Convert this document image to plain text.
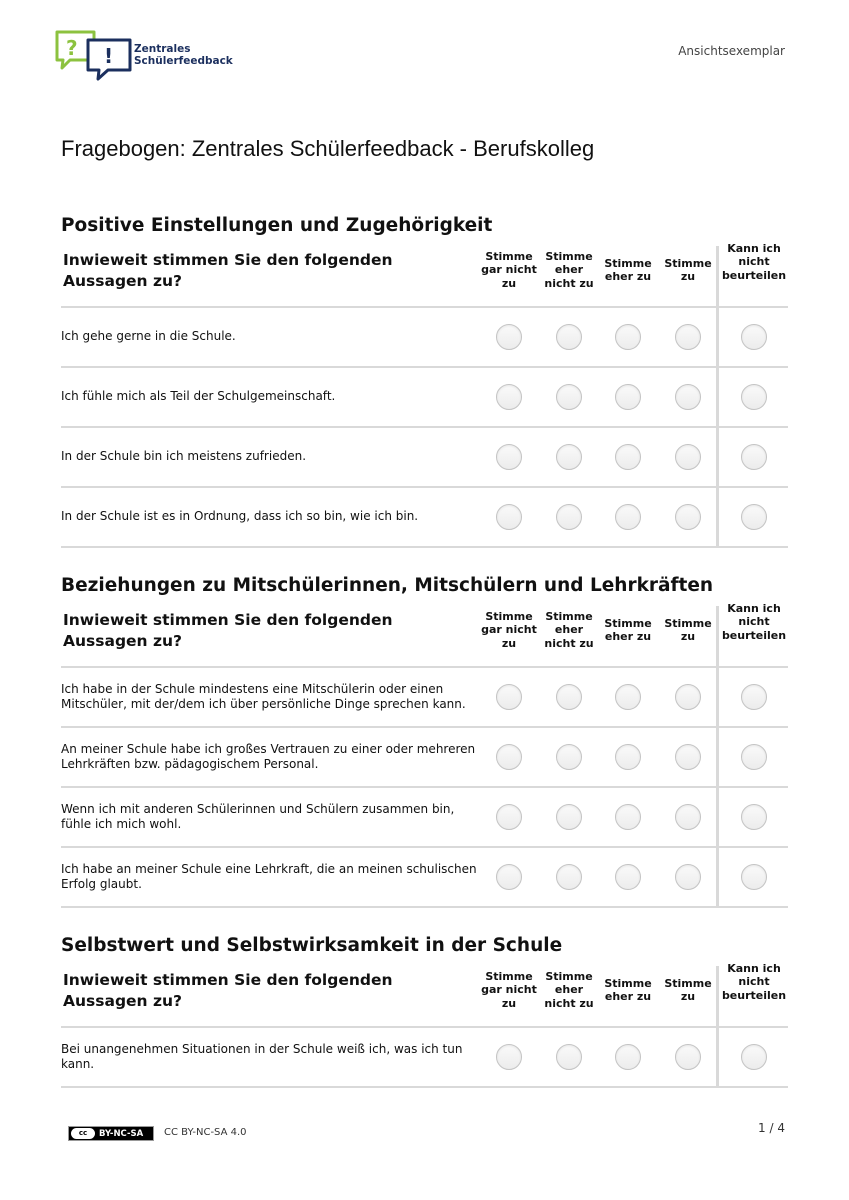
? ! Zentrales
Schülerfeedback
Ansichtsexemplar
Fragebogen: Zentrales Schülerfeedback - Berufskolleg
Positive Einstellungen und Zugehörigkeit
Inwieweit stimmen Sie den folgenden Aussagen zu?
Stimme gar nicht zu
Stimme eher nicht zu
Stimme eher zu
Stimme zu
Kann ich nicht beurteilen
Ich gehe gerne in die Schule.
Ich fühle mich als Teil der Schulgemeinschaft.
In der Schule bin ich meistens zufrieden.
In der Schule ist es in Ordnung, dass ich so bin, wie ich bin.
Beziehungen zu Mitschülerinnen, Mitschülern und Lehrkräften
Inwieweit stimmen Sie den folgenden Aussagen zu?
Stimme gar nicht zu
Stimme eher nicht zu
Stimme eher zu
Stimme zu
Kann ich nicht beurteilen
Ich habe in der Schule mindestens eine Mitschülerin oder einen Mitschüler, mit der/dem ich über persönliche Dinge sprechen kann.
An meiner Schule habe ich großes Vertrauen zu einer oder mehreren Lehrkräften bzw. pädagogischem Personal.
Wenn ich mit anderen Schülerinnen und Schülern zusammen bin, fühle ich mich wohl.
Ich habe an meiner Schule eine Lehrkraft, die an meinen schulischen Erfolg glaubt.
Selbstwert und Selbstwirksamkeit in der Schule
Inwieweit stimmen Sie den folgenden Aussagen zu?
Stimme gar nicht zu
Stimme eher nicht zu
Stimme eher zu
Stimme zu
Kann ich nicht beurteilen
Bei unangenehmen Situationen in der Schule weiß ich, was ich tun kann.
cc	BY-NC-SA CC BY-NC-SA 4.0	1 / 4
